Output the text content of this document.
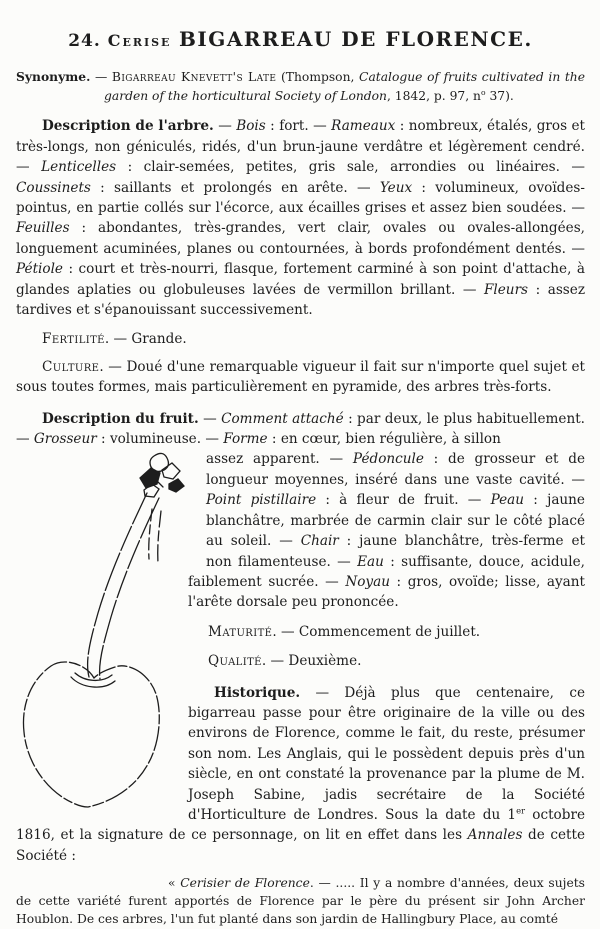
24. Cerise BIGARREAU DE FLORENCE.

Synonyme. — Bigarreau Knevett's Late (Thompson, Catalogue of fruits cultivated in the garden of the horticultural Society of London, 1842, p. 97, $n^o$ 37).

Description de l'arbre. — Bois : fort. — Rameaux : nombreux, étalés, gros et très-longs, non géniculés, ridés, d'un brun-jaune verdâtre et légèrement cendré. — Lenticelles : clair-semées, petites, gris sale, arrondies ou linéaires. — Coussinets : saillants et prolongés en arête. — Yeux : volumineux, ovoïdes-pointus, en partie collés sur l'écorce, aux écailles grises et assez bien soudées. — Feuilles : abondantes, très-grandes, vert clair, ovales ou ovales-allongées, longuement acuminées, planes ou contournées, à bords profondément dentés. — Pétiole : court et très-nourri, flasque, fortement carminé à son point d'attache, à glandes aplaties ou globuleuses lavées de vermillon brillant. — Fleurs : assez tardives et s'épanouissant successivement.

Fertilité. — Grande.

Culture. — Doué d'une remarquable vigueur il fait sur n'importe quel sujet et sous toutes formes, mais particulièrement en pyramide, des arbres très-forts.

Description du fruit. — Comment attaché : par deux, le plus habituellement. — Grosseur : volumineuse. — Forme : en cœur, bien régulière, à sillon

assez apparent. — Pédoncule : de grosseur et de longueur moyennes, inséré dans une vaste cavité. — Point pistillaire : à fleur de fruit. — Peau : jaune blanchâtre, marbrée de carmin clair sur le côté placé au soleil. — Chair : jaune blanchâtre, très-ferme et non filamenteuse. — Eau : suffisante, douce, acidule, faiblement sucrée. — Noyau : gros, ovoïde; lisse, ayant l'arête dorsale peu prononcée.

Maturité. — Commencement de juillet.

Qualité. — Deuxième.

Historique. — Déjà plus que centenaire, ce bigarreau passe pour être originaire de la ville ou des environs de Florence, comme le fait, du reste, présumer son nom. Les Anglais, qui le possèdent depuis près d'un siècle, en ont constaté la provenance par la plume de M. Joseph Sabine, jadis secrétaire de la Société d'Horticulture de Londres. Sous la date du 1er octobre 1816, et la signature de ce personnage, on lit en effet dans les Annales de cette Société :

« Cerisier de Florence. — ..... Il y a nombre d'années, deux sujets de cette variété furent apportés de Florence par le père du présent sir John Archer Houblon. De ces arbres, l'un fut planté dans son jardin de Hallingbury Place, au comté
